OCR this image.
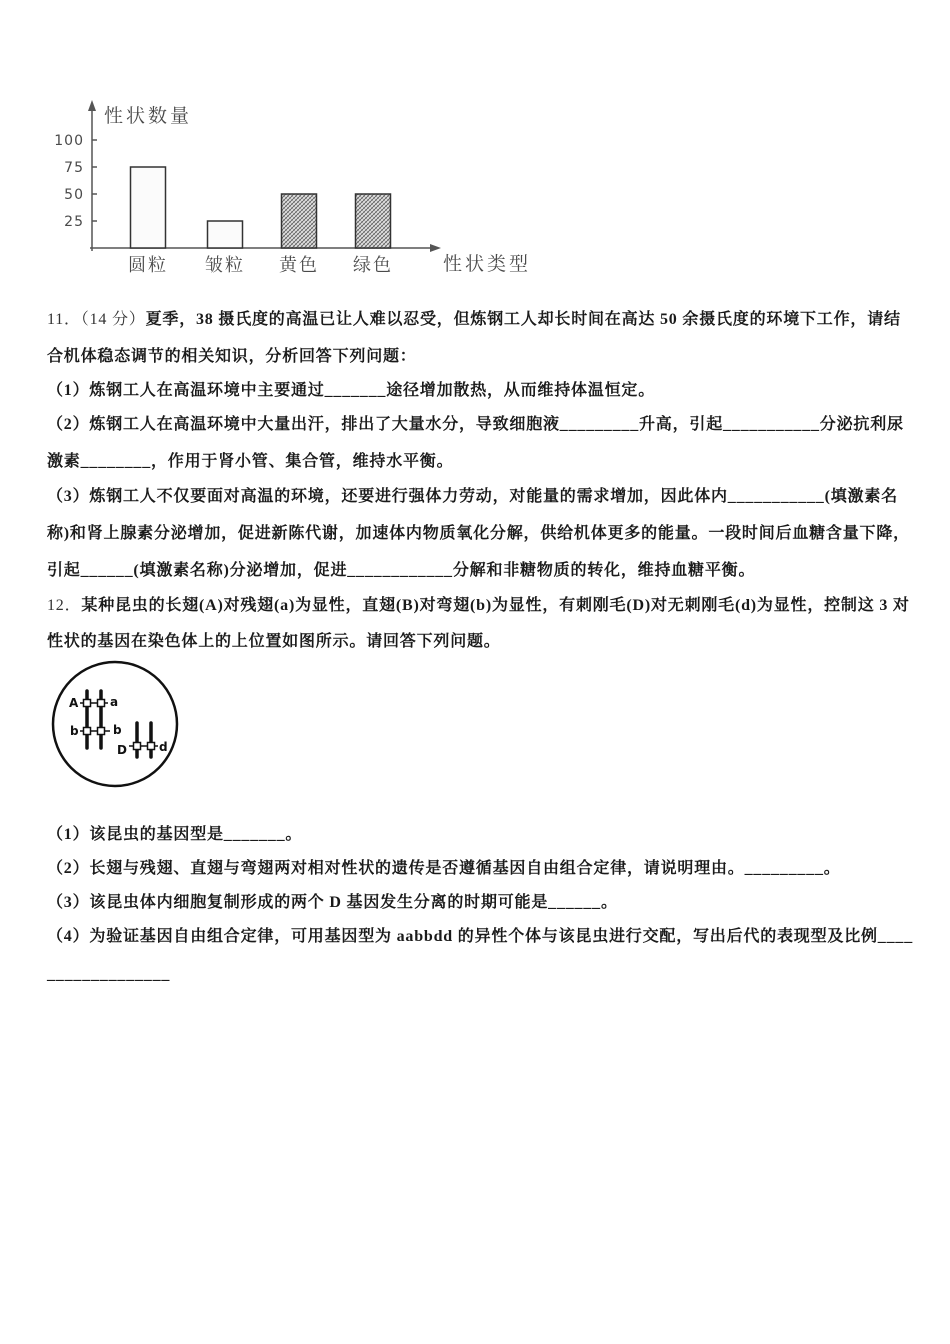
性状数量
性状类型
25
50
75
100
圆粒 皱粒 黄色 绿色
11．（14 分）夏季，38 摄氏度的高温已让人难以忍受，但炼钢工人却长时间在高达 50 余摄氏度的环境下工作，请结
合机体稳态调节的相关知识，分析回答下列问题：
（1）炼钢工人在高温环境中主要通过_______途径增加散热，从而维持体温恒定。
（2）炼钢工人在高温环境中大量出汗，排出了大量水分，导致细胞液_________升高，引起___________分泌抗利尿
激素________，作用于肾小管、集合管，维持水平衡。
（3）炼钢工人不仅要面对高温的环境，还要进行强体力劳动，对能量的需求增加，因此体内___________(填激素名
称)和肾上腺素分泌增加，促进新陈代谢，加速体内物质氧化分解，供给机体更多的能量。一段时间后血糖含量下降，
引起______(填激素名称)分泌增加，促进____________分解和非糖物质的转化，维持血糖平衡。
12．某种昆虫的长翅(A)对残翅(a)为显性，直翅(B)对弯翅(b)为显性，有刺刚毛(D)对无刺刚毛(d)为显性，控制这 3 对
性状的基因在染色体上的上位置如图所示。请回答下列问题。
A	a
b	b
D	d
（1）该昆虫的基因型是_______。
（2）长翅与残翅、直翅与弯翅两对相对性状的遗传是否遵循基因自由组合定律，请说明理由。_________。
（3）该昆虫体内细胞复制形成的两个 D 基因发生分离的时期可能是______。
（4）为验证基因自由组合定律，可用基因型为 aabbdd 的异性个体与该昆虫进行交配，写出后代的表现型及比例____
______________
